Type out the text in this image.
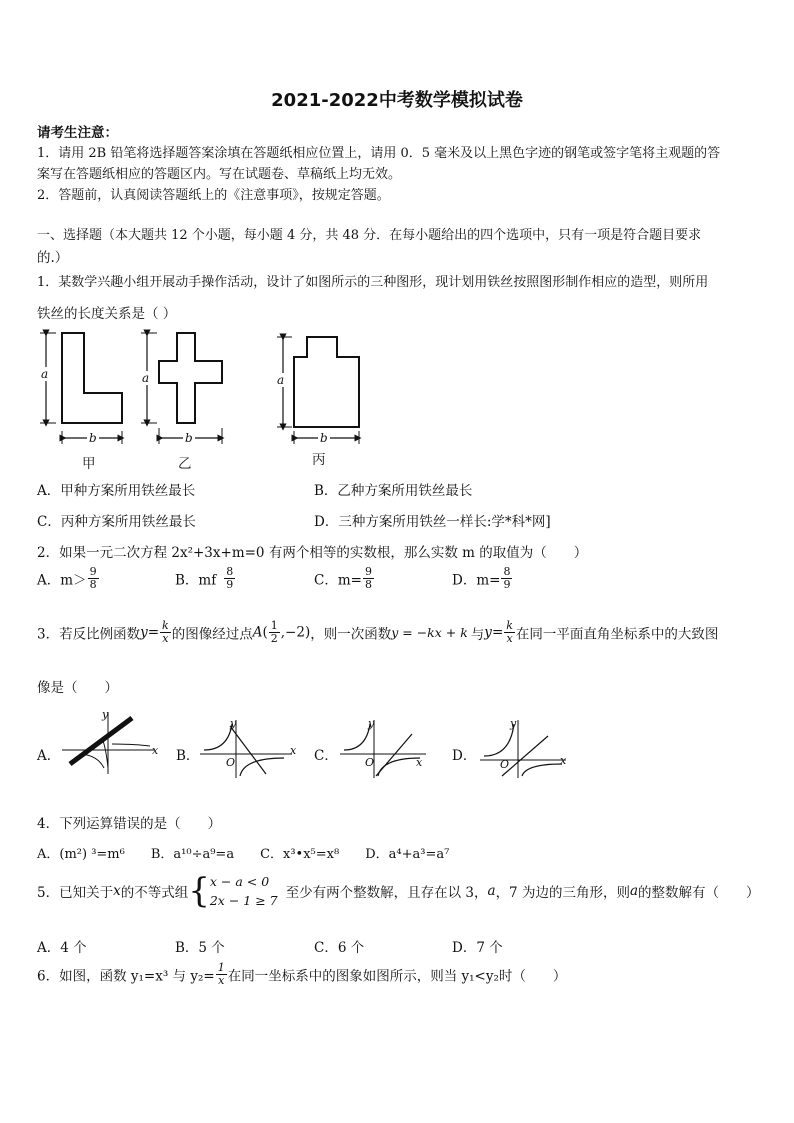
2021-2022中考数学模拟试卷
请考生注意：
1．请用 2B 铅笔将选择题答案涂填在答题纸相应位置上，请用 0．5 毫米及以上黑色字迹的钢笔或签字笔将主观题的答
案写在答题纸相应的答题区内。写在试题卷、草稿纸上均无效。
2．答题前，认真阅读答题纸上的《注意事项》，按规定答题。
一、选择题（本大题共 12 个小题，每小题 4 分，共 48 分．在每小题给出的四个选项中，只有一项是符合题目要求
的.）
1．某数学兴趣小组开展动手操作活动，设计了如图所示的三种图形，现计划用铁丝按照图形制作相应的造型，则所用
铁丝的长度关系是（ ）
a
b
甲
a
b
乙
a
b
丙
A．甲种方案所用铁丝最长	B．乙种方案所用铁丝最长
C．丙种方案所用铁丝最长	D．三种方案所用铁丝一样长:学*科*网]
2．如果一元二次方程 2x²+3x+m=0 有两个相等的实数根，那么实数 m 的取值为（　　）
A．$m> \frac{9}{8}$	B．mf $\frac{8}{9}$	C．$m= \frac{9}{8}$	D．$m= \frac{8}{9}$
3．若反比例函数$y= \frac{k}{x}$ 的图像经过点$A( \frac{1}{2} ,-2)$，则一次函数y = −kx + k 与$y= \frac{k}{x}$ 在同一平面直角坐标系中的大致图
像是（　　）
A．	x
y
B． O
x
y
C． O	x
y
D．
O	x
y
4．下列运算错误的是（　　）
A．(m²) ³=m⁶　　B．a¹⁰÷a⁹=a　　C．x³•x⁵=x⁸　　D．a⁴+a³=a⁷
5．已知关于x的不等式组{ x − a < 0
2x − 1 ≥ 7 至少有两个整数解，且存在以 3，a，7 为边的三角形，则a的整数解有（　　）
A．4 个	B．5 个	C．6 个	D．7 个
6．如图，函数 y₁=x³ 与 $y_2= \frac{1}{x}$ 在同一坐标系中的图象如图所示，则当 y₁<y₂时（　　）
